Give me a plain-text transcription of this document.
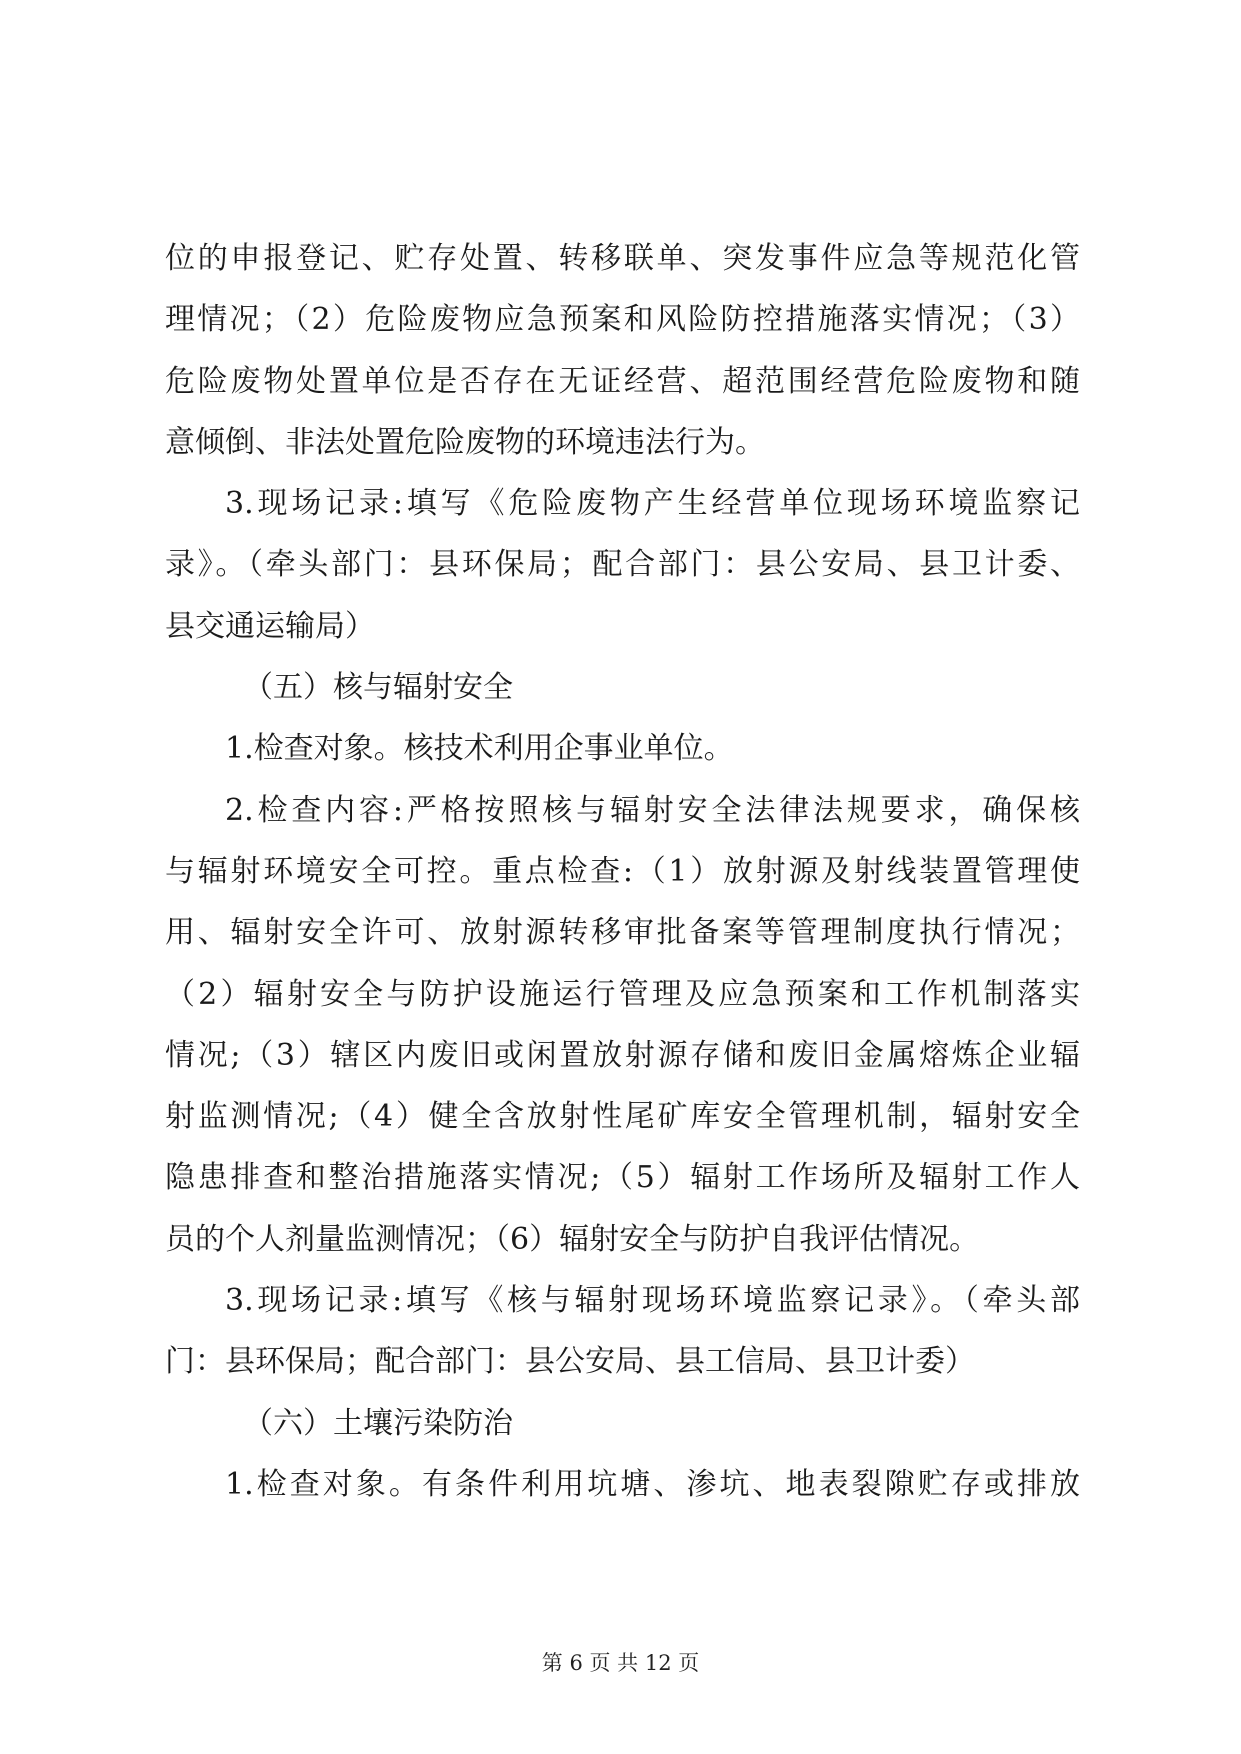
位的申报登记、贮存处置、转移联单、突发事件应急等规范化管
理情况；（2）危险废物应急预案和风险防控措施落实情况；（3）
危险废物处置单位是否存在无证经营、超范围经营危险废物和随
意倾倒、非法处置危险废物的环境违法行为。
3.现场记录:填写《危险废物产生经营单位现场环境监察记
录》。（牵头部门：县环保局；配合部门：县公安局、县卫计委、
县交通运输局）
（五）核与辐射安全
1.检查对象。核技术利用企事业单位。
2.检查内容:严格按照核与辐射安全法律法规要求，确保核
与辐射环境安全可控。重点检查:（1）放射源及射线装置管理使
用、辐射安全许可、放射源转移审批备案等管理制度执行情况；
（2）辐射安全与防护设施运行管理及应急预案和工作机制落实
情况;（3）辖区内废旧或闲置放射源存储和废旧金属熔炼企业辐
射监测情况;（4）健全含放射性尾矿库安全管理机制，辐射安全
隐患排查和整治措施落实情况;（5）辐射工作场所及辐射工作人
员的个人剂量监测情况；（6）辐射安全与防护自我评估情况。
3.现场记录:填写《核与辐射现场环境监察记录》。（牵头部
门：县环保局；配合部门：县公安局、县工信局、县卫计委）
（六）土壤污染防治
1.检查对象。有条件利用坑塘、渗坑、地表裂隙贮存或排放
第 6 页 共 12 页
